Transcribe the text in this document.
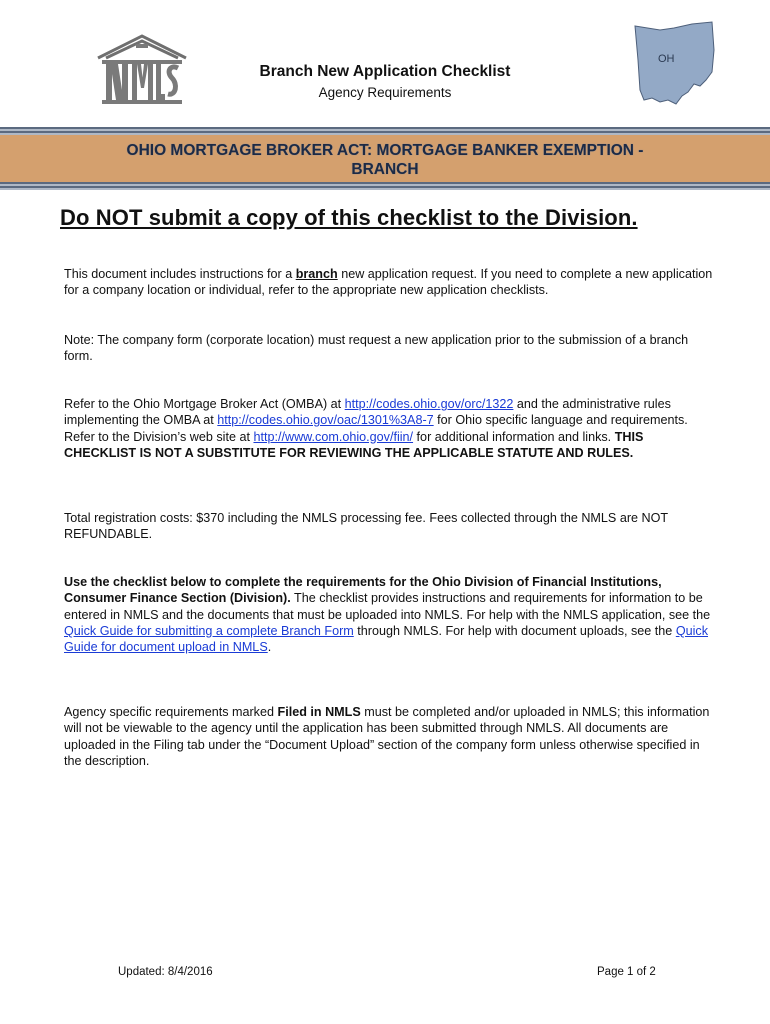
OH
Branch New Application Checklist
Agency Requirements
OHIO MORTGAGE BROKER ACT: MORTGAGE BANKER EXEMPTION -
BRANCH
Do NOT submit a copy of this checklist to the Division.
This document includes instructions for a branch new application request. If you need to complete a new application for a company location or individual, refer to the appropriate new application checklists.
Note: The company form (corporate location) must request a new application prior to the submission of a branch form.
Refer to the Ohio Mortgage Broker Act (OMBA) at http://codes.ohio.gov/orc/1322 and the administrative rules implementing the OMBA at http://codes.ohio.gov/oac/1301%3A8-7 for Ohio specific language and requirements. Refer to the Division’s web site at http://www.com.ohio.gov/fiin/ for additional information and links. THIS CHECKLIST IS NOT A SUBSTITUTE FOR REVIEWING THE APPLICABLE STATUTE AND RULES.
Total registration costs: $370 including the NMLS processing fee. Fees collected through the NMLS are NOT REFUNDABLE.
Use the checklist below to complete the requirements for the Ohio Division of Financial Institutions, Consumer Finance Section (Division). The checklist provides instructions and requirements for information to be entered in NMLS and the documents that must be uploaded into NMLS. For help with the NMLS application, see the Quick Guide for submitting a complete Branch Form through NMLS. For help with document uploads, see the Quick Guide for document upload in NMLS.
Agency specific requirements marked Filed in NMLS must be completed and/or uploaded in NMLS; this information will not be viewable to the agency until the application has been submitted through NMLS. All documents are uploaded in the Filing tab under the “Document Upload” section of the company form unless otherwise specified in the description.
Updated: 8/4/2016	Page 1 of 2
